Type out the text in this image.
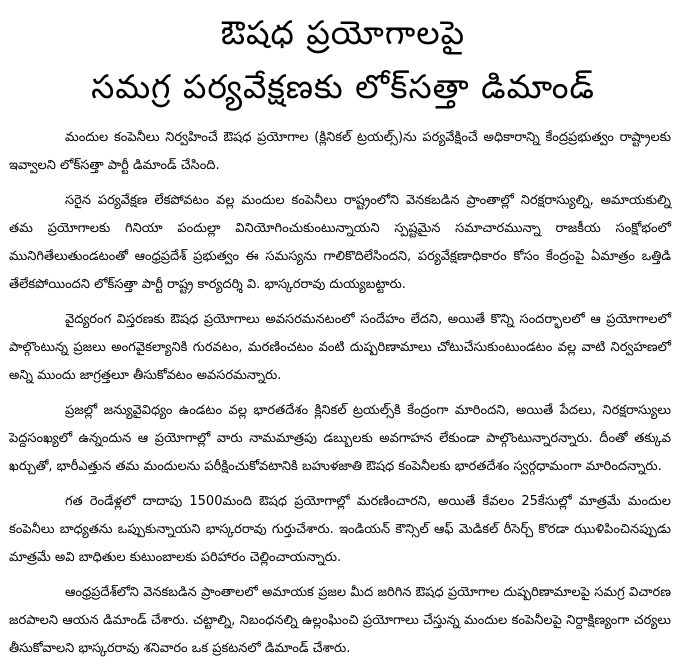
ఔషధ ప్రయోగాలపై
సమగ్ర పర్యవేక్షణకు లోక్‌సత్తా డిమాండ్

మందుల కంపెనీలు నిర్వహించే ఔషధ ప్రయోగాల (క్లినికల్ ట్రయల్స్)ను పర్యవేక్షించే అధికారాన్ని కేంద్రప్రభుత్వం రాష్ట్రాలకు ఇవ్వాలని లోక్‌సత్తా పార్టీ డిమాండ్ చేసింది.

సరైన పర్యవేక్షణ లేకపోవటం వల్ల మందుల కంపెనీలు రాష్ట్రంలోని వెనకబడిన ప్రాంతాల్లో నిరక్షరాస్యుల్ని, అమాయకుల్ని తమ ప్రయోగాలకు గినియా పందుల్లా వినియోగించుకుంటున్నాయని స్పష్టమైన సమాచారమున్నా రాజకీయ సంక్షోభంలో మునిగితేలుతుండటంతో ఆంధ్రప్రదేశ్ ప్రభుత్వం ఈ సమస్యను గాలికొదిలేసిందని, పర్యవేక్షణాధికారం కోసం కేంద్రంపై ఏమాత్రం ఒత్తిడి తేలేకపోయిందని లోక్‌సత్తా పార్టీ రాష్ట్ర కార్యదర్శి వి. భాస్కరరావు దుయ్యబట్టారు.

వైద్యరంగ విస్తరణకు ఔషధ ప్రయోగాలు అవసరమనటంలో సందేహం లేదని, అయితే కొన్ని సందర్భాలలో ఆ ప్రయోగాలలో పాల్గొంటున్న ప్రజలు అంగవైకల్యానికి గురవటం, మరణించటం వంటి దుష్పరిణామాలు చోటుచేసుకుంటుండటం వల్ల వాటి నిర్వహణలో అన్ని ముందు జాగ్రత్తలూ తీసుకోవటం అవసరమన్నారు.

ప్రజల్లో జన్యువైవిధ్యం ఉండటం వల్ల భారతదేశం క్లినికల్ ట్రయల్స్‌కి కేంద్రంగా మారిందని, అయితే పేదలు, నిరక్షరాస్యులు పెద్దసంఖ్యలో ఉన్నందున ఆ ప్రయోగాల్లో వారు నామమాత్రపు డబ్బులకు అవగాహన లేకుండా పాల్గొంటున్నారన్నారు. దీంతో తక్కువ ఖర్చుతో, భారీఎత్తున తమ మందులను పరీక్షించుకోవటానికి బహుళజాతి ఔషధ కంపెనీలకు భారతదేశం స్వర్గధామంగా మారిందన్నారు.

గత రెండేళ్లలో దాదాపు 1500మంది ఔషధ ప్రయోగాల్లో మరణించారని, అయితే కేవలం 25కేసుల్లో మాత్రమే మందుల కంపెనీలు బాధ్యతను ఒప్పుకున్నాయని భాస్కరరావు గుర్తుచేశారు. ఇండియన్ కౌన్సిల్ ఆఫ్ మెడికల్ రీసెర్చ్ కొరడా ఝుళిపించినప్పుడు మాత్రమే అవి బాధితుల కుటుంబాలకు పరిహారం చెల్లించాయన్నారు.

ఆంధ్రప్రదేశ్‌లోని వెనకబడిన ప్రాంతాలలో అమాయక ప్రజల మీద జరిగిన ఔషధ ప్రయోగాల దుష్పరిణామాలపై సమగ్ర విచారణ జరపాలని ఆయన డిమాండ్ చేశారు. చట్టాల్ని, నిబంధనల్ని ఉల్లంఘించి ప్రయోగాలు చేస్తున్న మందుల కంపెనీలపై నిర్దాక్షిణ్యంగా చర్యలు తీసుకోవాలని భాస్కరరావు శనివారం ఒక ప్రకటనలో డిమాండ్ చేశారు.
